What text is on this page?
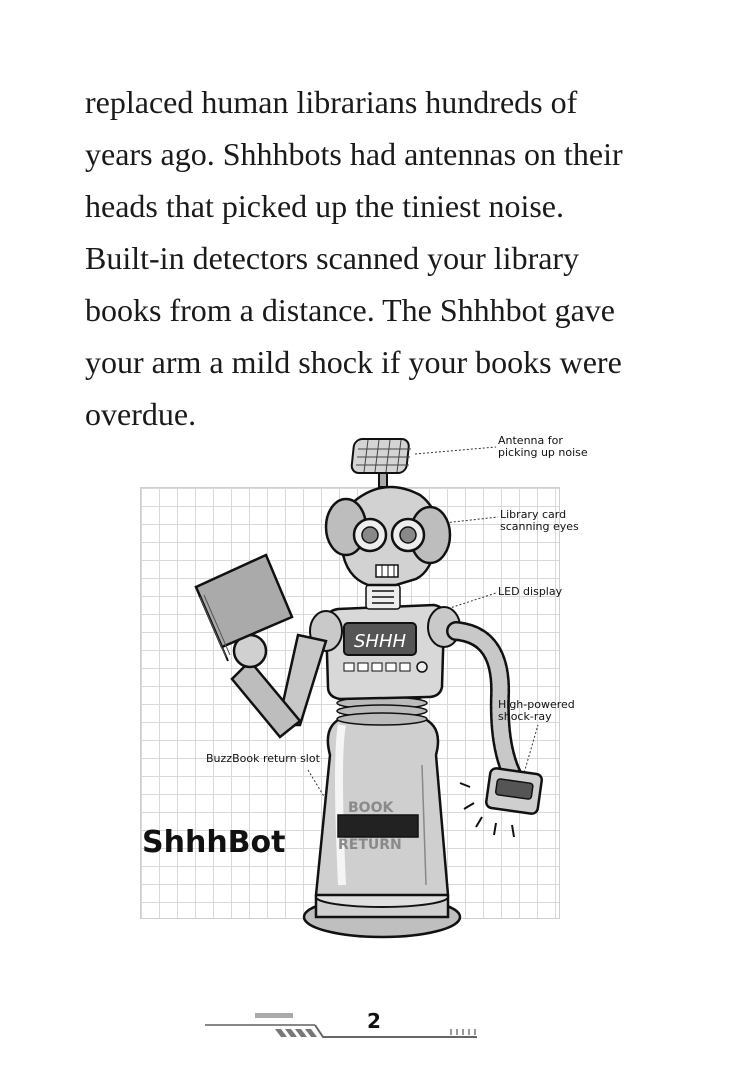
replaced human librarians hundreds of
years ago. Shhhbots had antennas on their
heads that picked up the tiniest noise.
Built-in detectors scanned your library
books from a distance. The Shhhbot gave
your arm a mild shock if your books were
overdue.

SHHH
BOOK
RETURN

Antenna for
picking up noise

Library card
scanning eyes

LED display

High-powered
shock-ray

BuzzBook return slot

ShhhBot

2
